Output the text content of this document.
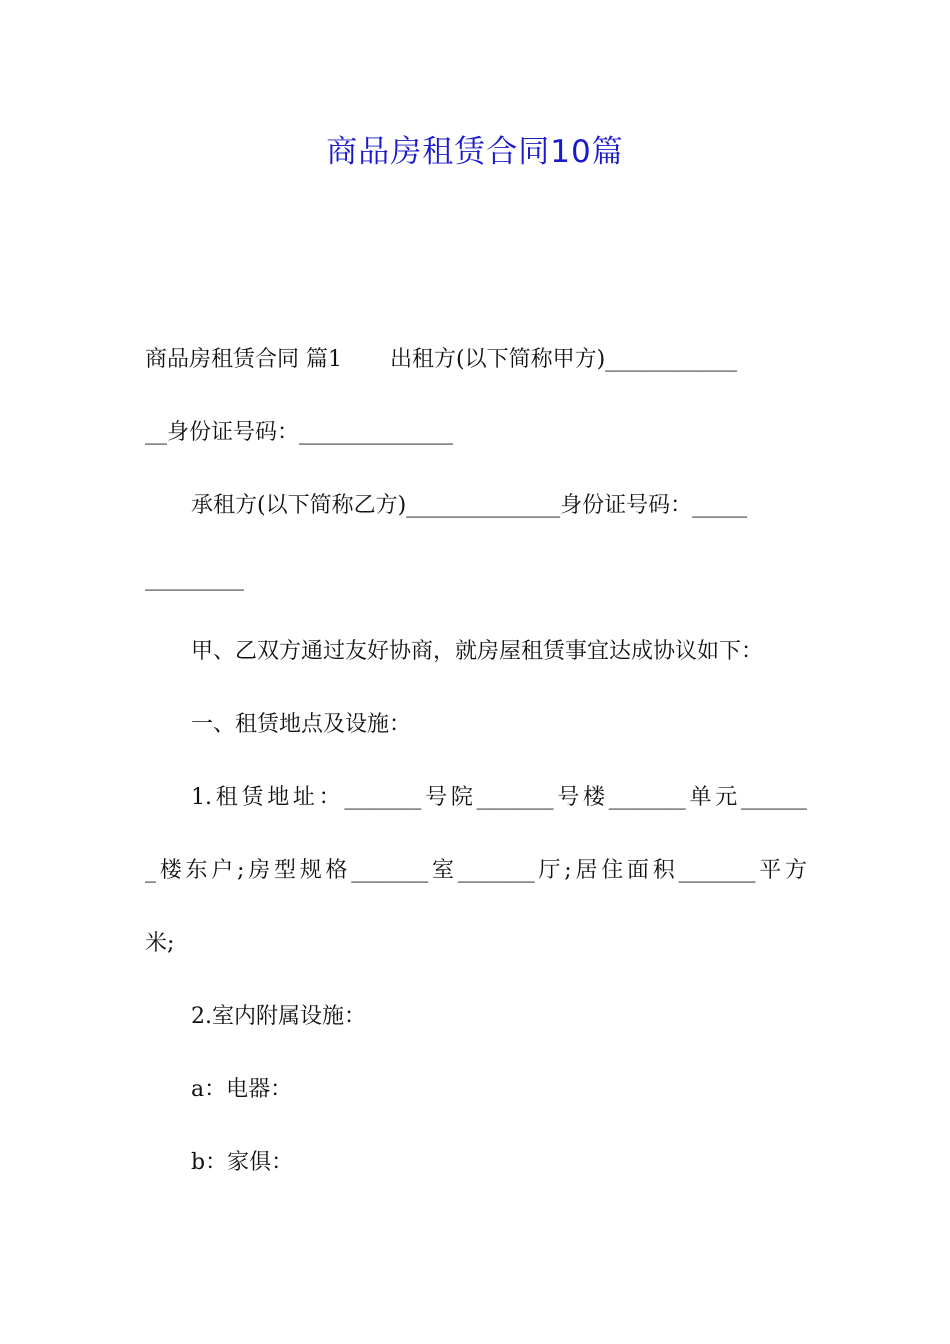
商品房租赁合同10篇
商品房租赁合同 篇1 出租方(以下简称甲方)____________
__身份证号码：______________
承租方(以下简称乙方)______________身份证号码：_____
_________
甲、乙双方通过友好协商，就房屋租赁事宜达成协议如下：
一、租赁地点及设施：
1.租赁地址：_______号院_______号楼_______单元______
_楼东户;房型规格_______室_______厅;居住面积_______平方
米;
2.室内附属设施：
a：电器：
b：家俱：
